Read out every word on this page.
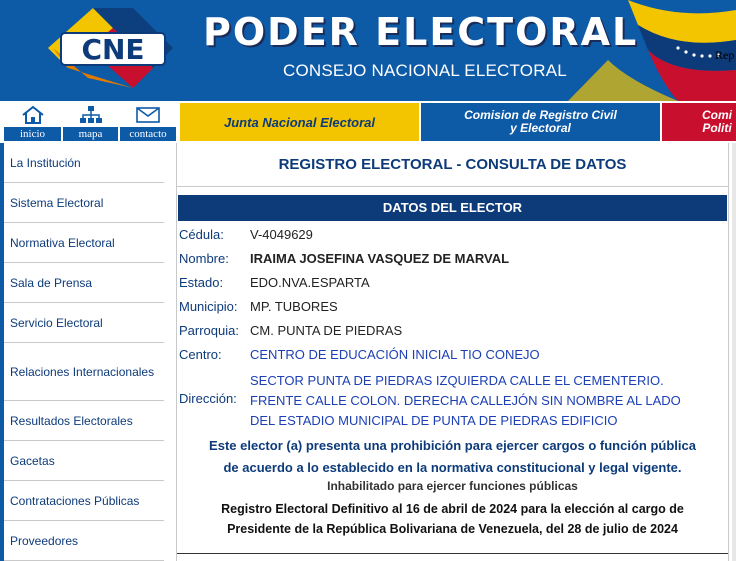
CNE PODER ELECTORAL
CONSEJO NACIONAL ELECTORAL
Rep
inicio	mapa	contacto
Junta Nacional Electoral	Comision de Registro Civil
y Electoral
Comi
Politi
La Institución
Sistema Electoral
Normativa Electoral
Sala de Prensa
Servicio Electoral
Relaciones Internacionales
Resultados Electorales
Gacetas
Contrataciones Públicas
Proveedores
REGISTRO ELECTORAL - CONSULTA DE DATOS
DATOS DEL ELECTOR
Cédula:	V-4049629
Nombre:	IRAIMA JOSEFINA VASQUEZ DE MARVAL
Estado:	EDO.NVA.ESPARTA
Municipio: MP. TUBORES
Parroquia: CM. PUNTA DE PIEDRAS
Centro:	CENTRO DE EDUCACIÓN INICIAL TIO CONEJO
Dirección:
SECTOR PUNTA DE PIEDRAS IZQUIERDA CALLE EL CEMENTERIO.
FRENTE CALLE COLON. DERECHA CALLEJÓN SIN NOMBRE AL LADO
DEL ESTADIO MUNICIPAL DE PUNTA DE PIEDRAS EDIFICIO
Este elector (a) presenta una prohibición para ejercer cargos o función pública
de acuerdo a lo establecido en la normativa constitucional y legal vigente.
Inhabilitado para ejercer funciones públicas
Registro Electoral Definitivo al 16 de abril de 2024 para la elección al cargo de
Presidente de la República Bolivariana de Venezuela, del 28 de julio de 2024
